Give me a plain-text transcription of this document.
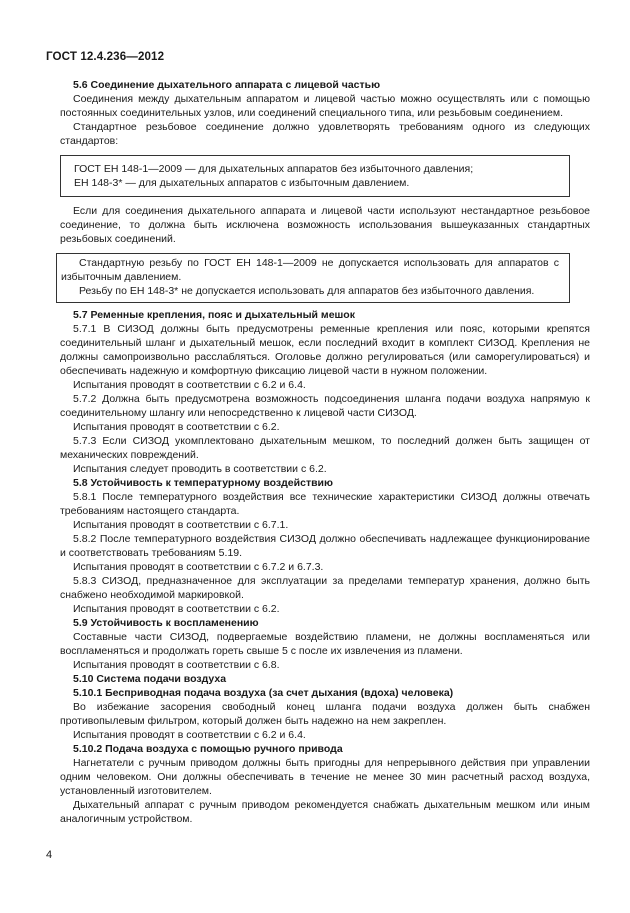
ГОСТ 12.4.236—2012

5.6 Соединение дыхательного аппарата с лицевой частью

Соединения между дыхательным аппаратом и лицевой частью можно осуществлять или с помощью постоянных соединительных узлов, или соединений специального типа, или резьбовым соединением.

Стандартное резьбовое соединение должно удовлетворять требованиям одного из следующих стандартов:

ГОСТ ЕН 148-1—2009 — для дыхательных аппаратов без избыточного давления;

ЕН 148-3* — для дыхательных аппаратов с избыточным давлением.

Если для соединения дыхательного аппарата и лицевой части используют нестандартное резьбовое соединение, то должна быть исключена возможность использования вышеуказанных стандартных резьбовых соединений.

Стандартную резьбу по ГОСТ ЕН 148-1—2009 не допускается использовать для аппаратов с избыточным давлением.

Резьбу по ЕН 148-3* не допускается использовать для аппаратов без избыточного давления.

5.7 Ременные крепления, пояс и дыхательный мешок

5.7.1 В СИЗОД должны быть предусмотрены ременные крепления или пояс, которыми крепятся соединительный шланг и дыхательный мешок, если последний входит в комплект СИЗОД. Крепления не должны самопроизвольно расслабляться. Оголовье должно регулироваться (или саморегулироваться) и обеспечивать надежную и комфортную фиксацию лицевой части в нужном положении.

Испытания проводят в соответствии с 6.2 и 6.4.

5.7.2 Должна быть предусмотрена возможность подсоединения шланга подачи воздуха напрямую к соединительному шлангу или непосредственно к лицевой части СИЗОД.

Испытания проводят в соответствии с 6.2.

5.7.3 Если СИЗОД укомплектовано дыхательным мешком, то последний должен быть защищен от механических повреждений.

Испытания следует проводить в соответствии с 6.2.

5.8 Устойчивость к температурному воздействию

5.8.1 После температурного воздействия все технические характеристики СИЗОД должны отвечать требованиям настоящего стандарта.

Испытания проводят в соответствии с 6.7.1.

5.8.2 После температурного воздействия СИЗОД должно обеспечивать надлежащее функционирование и соответствовать требованиям 5.19.

Испытания проводят в соответствии с 6.7.2 и 6.7.3.

5.8.3 СИЗОД, предназначенное для эксплуатации за пределами температур хранения, должно быть снабжено необходимой маркировкой.

Испытания проводят в соответствии с 6.2.

5.9 Устойчивость к воспламенению

Составные части СИЗОД, подвергаемые воздействию пламени, не должны воспламеняться или воспламеняться и продолжать гореть свыше 5 с после их извлечения из пламени.

Испытания проводят в соответствии с 6.8.

5.10 Система подачи воздуха

5.10.1 Бесприводная подача воздуха (за счет дыхания (вдоха) человека)

Во избежание засорения свободный конец шланга подачи воздуха должен быть снабжен противопылевым фильтром, который должен быть надежно на нем закреплен.

Испытания проводят в соответствии с 6.2 и 6.4.

5.10.2 Подача воздуха с помощью ручного привода

Нагнетатели с ручным приводом должны быть пригодны для непрерывного действия при управлении одним человеком. Они должны обеспечивать в течение не менее 30 мин расчетный расход воздуха, установленный изготовителем.

Дыхательный аппарат с ручным приводом рекомендуется снабжать дыхательным мешком или иным аналогичным устройством.

4
